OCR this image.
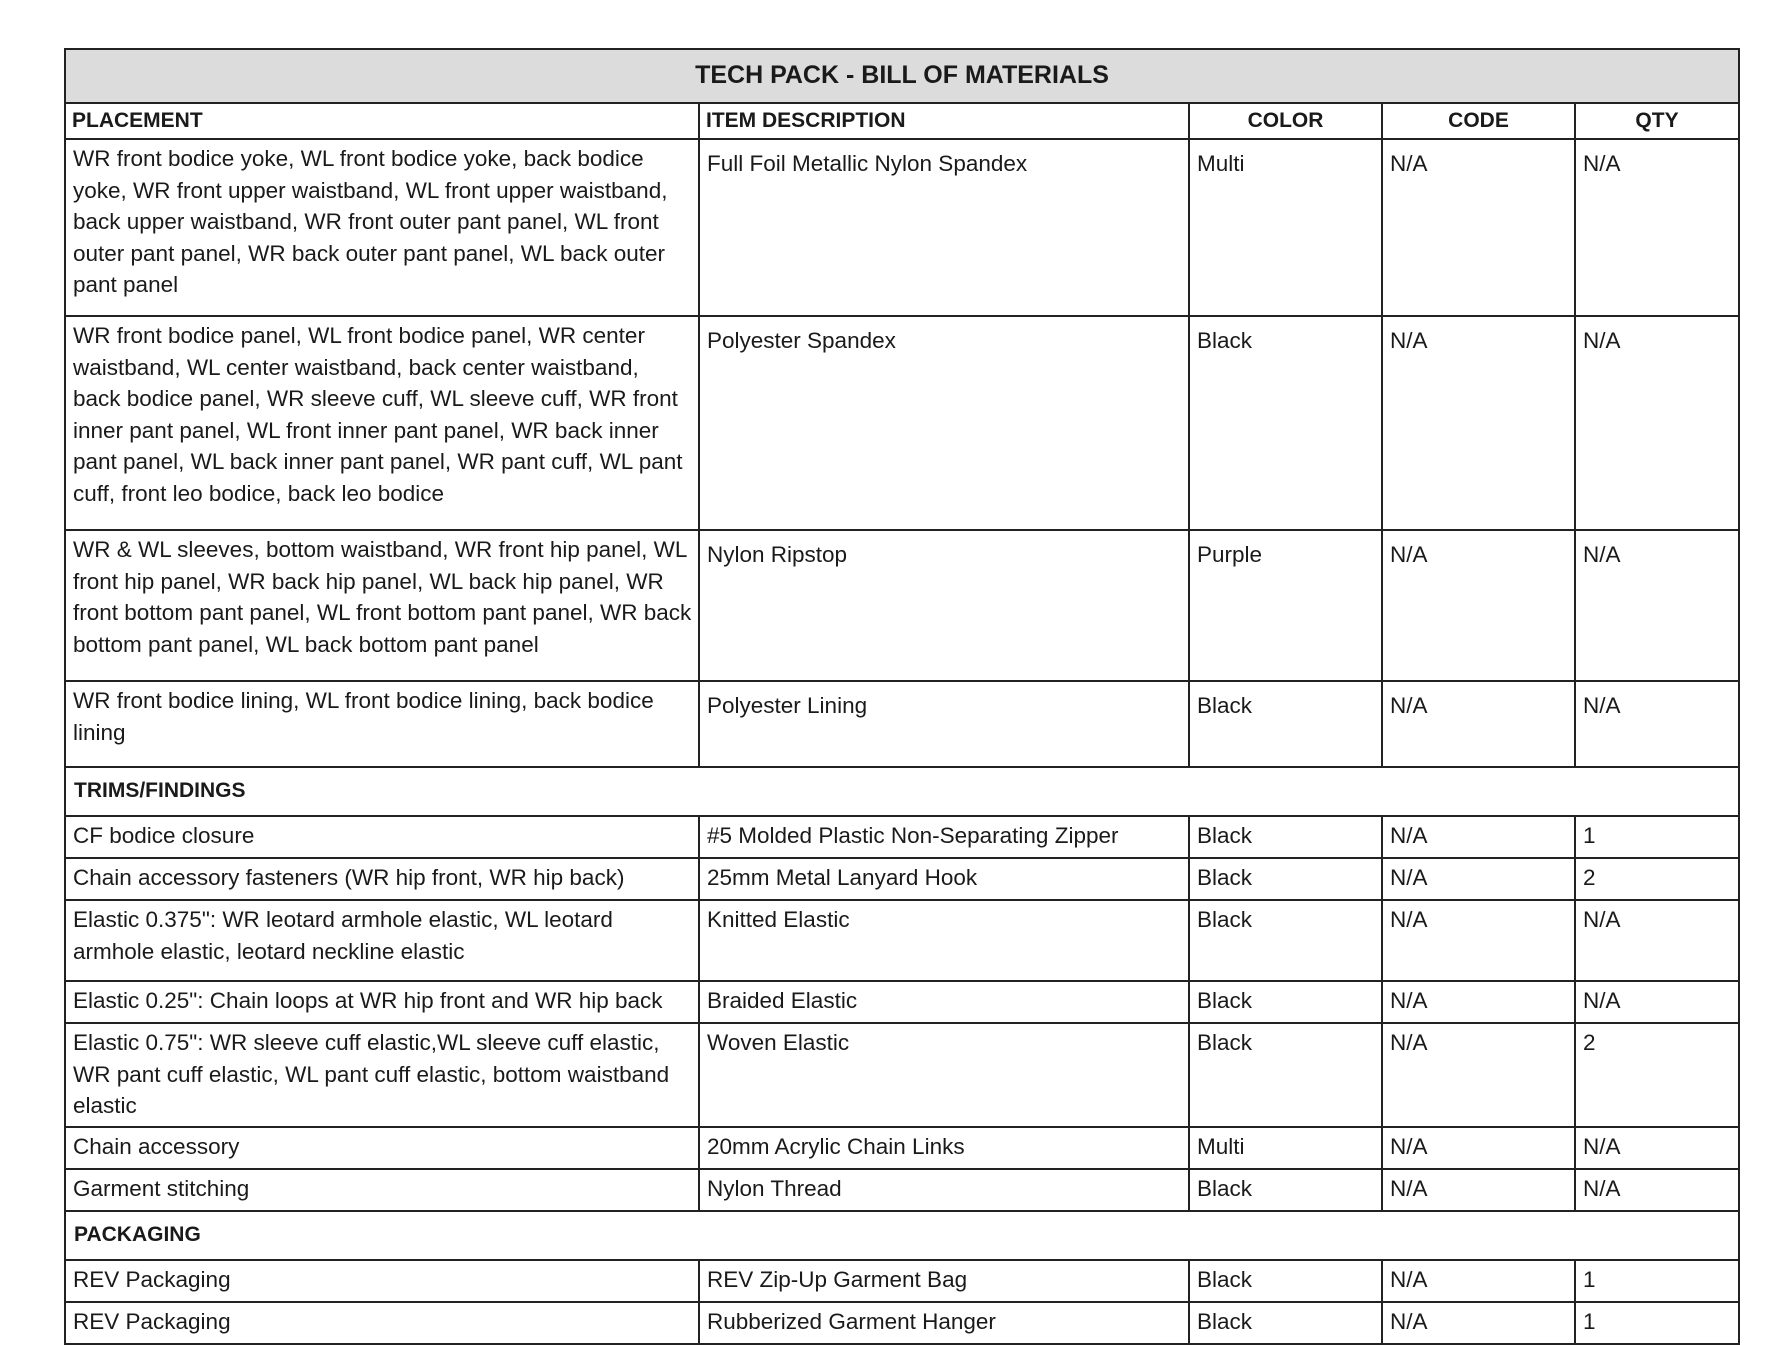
TECH PACK - BILL OF MATERIALS				
PLACEMENT	ITEM DESCRIPTION	COLOR	CODE	QTY
WR front bodice yoke, WL front bodice yoke, back bodice yoke, WR front upper waistband, WL front upper waistband, back upper waistband, WR front outer pant panel, WL front outer pant panel, WR back outer pant panel, WL back outer pant panel	Full Foil Metallic Nylon Spandex	Multi	N/A	N/A
WR front bodice panel, WL front bodice panel, WR center waistband, WL center waistband, back center waistband, back bodice panel, WR sleeve cuff, WL sleeve cuff, WR front inner pant panel, WL front inner pant panel, WR back inner pant panel, WL back inner pant panel, WR pant cuff, WL pant cuff, front leo bodice, back leo bodice	Polyester Spandex	Black	N/A	N/A
WR & WL sleeves, bottom waistband, WR front hip panel, WL front hip panel, WR back hip panel, WL back hip panel, WR front bottom pant panel, WL front bottom pant panel, WR back bottom pant panel, WL back bottom pant panel	Nylon Ripstop	Purple	N/A	N/A
WR front bodice lining, WL front bodice lining, back bodice lining	Polyester Lining	Black	N/A	N/A
TRIMS/FINDINGS				
CF bodice closure	#5 Molded Plastic Non-Separating Zipper	Black	N/A	1
Chain accessory fasteners (WR hip front, WR hip back)	25mm Metal Lanyard Hook	Black	N/A	2
Elastic 0.375": WR leotard armhole elastic, WL leotard armhole elastic, leotard neckline elastic	Knitted Elastic	Black	N/A	N/A
Elastic 0.25": Chain loops at WR hip front and WR hip back	Braided Elastic	Black	N/A	N/A
Elastic 0.75": WR sleeve cuff elastic,WL sleeve cuff elastic, WR pant cuff elastic, WL pant cuff elastic, bottom waistband elastic	Woven Elastic	Black	N/A	2
Chain accessory	20mm Acrylic Chain Links	Multi	N/A	N/A
Garment stitching	Nylon Thread	Black	N/A	N/A
PACKAGING				
REV Packaging	REV Zip-Up Garment Bag	Black	N/A	1
REV Packaging	Rubberized Garment Hanger	Black	N/A	1
